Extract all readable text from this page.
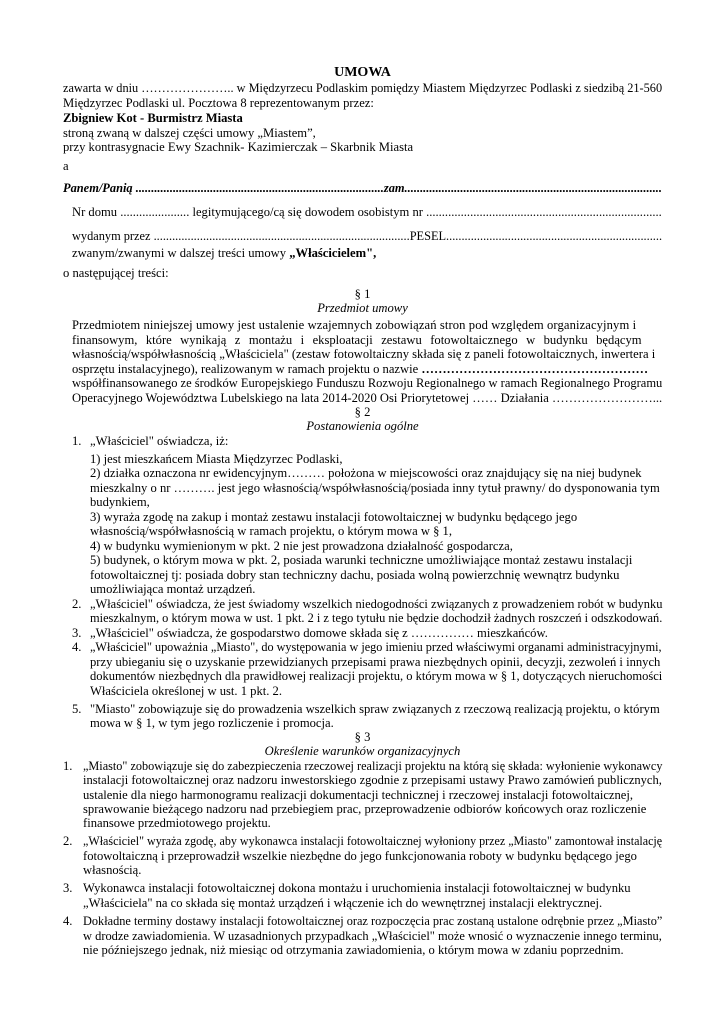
UMOWA
zawarta w dniu ………………….. w Międzyrzecu Podlaskim pomiędzy Miastem Międzyrzec Podlaski z siedzibą 21-560
Międzyrzec Podlaski ul. Pocztowa 8 reprezentowanym przez:
Zbigniew Kot - Burmistrz Miasta
stroną zwaną w dalszej części umowy „Miastem”,
przy kontrasygnacie Ewy Szachnik- Kazimierczak – Skarbnik Miasta
a
Panem/Panią ................................................................................zam...................................................................................
Nr domu ...................... legitymującego/cą się dowodem osobistym nr ...........................................................................
wydanym przez ...................................................................................PESEL......................................................................
zwanym/zwanymi w dalszej treści umowy „Właścicielem",
o następującej treści:
§ 1
Przedmiot umowy
Przedmiotem niniejszej umowy jest ustalenie wzajemnych zobowiązań stron pod względem organizacyjnym i
finansowym, które wynikają z montażu i eksploatacji zestawu fotowoltaicznego w budynku będącym
własnością/współwłasnością „Właściciela" (zestaw fotowoltaiczny składa się z paneli fotowoltaicznych, inwertera i
osprzętu instalacyjnego), realizowanym w ramach projektu o nazwie ………………………………………………
współfinansowanego ze środków Europejskiego Funduszu Rozwoju Regionalnego w ramach Regionalnego Programu
Operacyjnego Województwa Lubelskiego na lata 2014-2020 Osi Priorytetowej …… Działania ……………………...
§ 2
Postanowienia ogólne
1. „Właściciel" oświadcza, iż:
1) jest mieszkańcem Miasta Międzyrzec Podlaski,
2) działka oznaczona nr ewidencyjnym……… położona w miejscowości oraz znajdujący się na niej budynek
mieszkalny o nr ………. jest jego własnością/współwłasnością/posiada inny tytuł prawny/ do dysponowania tym
budynkiem,
3) wyraża zgodę na zakup i montaż zestawu instalacji fotowoltaicznej w budynku będącego jego
własnością/współwłasnością w ramach projektu, o którym mowa w § 1,
4) w budynku wymienionym w pkt. 2 nie jest prowadzona działalność gospodarcza,
5) budynek, o którym mowa w pkt. 2, posiada warunki techniczne umożliwiające montaż zestawu instalacji
fotowoltaicznej tj: posiada dobry stan techniczny dachu, posiada wolną powierzchnię wewnątrz budynku
umożliwiająca montaż urządzeń.
2. „Właściciel" oświadcza, że jest świadomy wszelkich niedogodności związanych z prowadzeniem robót w budynku
mieszkalnym, o którym mowa w ust. 1 pkt. 2 i z tego tytułu nie będzie dochodził żadnych roszczeń i odszkodowań.
3. „Właściciel" oświadcza, że gospodarstwo domowe składa się z …………… mieszkańców.
4. „Właściciel" upoważnia „Miasto", do występowania w jego imieniu przed właściwymi organami administracyjnymi,
przy ubieganiu się o uzyskanie przewidzianych przepisami prawa niezbędnych opinii, decyzji, zezwoleń i innych
dokumentów niezbędnych dla prawidłowej realizacji projektu, o którym mowa w § 1, dotyczących nieruchomości
Właściciela określonej w ust. 1 pkt. 2.
5. "Miasto" zobowiązuje się do prowadzenia wszelkich spraw związanych z rzeczową realizacją projektu, o którym
mowa w § 1, w tym jego rozliczenie i promocja.
§ 3
Określenie warunków organizacyjnych
1. „Miasto" zobowiązuje się do zabezpieczenia rzeczowej realizacji projektu na którą się składa: wyłonienie wykonawcy
instalacji fotowoltaicznej oraz nadzoru inwestorskiego zgodnie z przepisami ustawy Prawo zamówień publicznych,
ustalenie dla niego harmonogramu realizacji dokumentacji technicznej i rzeczowej instalacji fotowoltaicznej,
sprawowanie bieżącego nadzoru nad przebiegiem prac, przeprowadzenie odbiorów końcowych oraz rozliczenie
finansowe przedmiotowego projektu.
2. „Właściciel" wyraża zgodę, aby wykonawca instalacji fotowoltaicznej wyłoniony przez „Miasto" zamontował instalację
fotowoltaiczną i przeprowadził wszelkie niezbędne do jego funkcjonowania roboty w budynku będącego jego
własnością.
3. Wykonawca instalacji fotowoltaicznej dokona montażu i uruchomienia instalacji fotowoltaicznej w budynku
„Właściciela" na co składa się montaż urządzeń i włączenie ich do wewnętrznej instalacji elektrycznej.
4. Dokładne terminy dostawy instalacji fotowoltaicznej oraz rozpoczęcia prac zostaną ustalone odrębnie przez „Miasto”
w drodze zawiadomienia. W uzasadnionych przypadkach „Właściciel" może wnosić o wyznaczenie innego terminu,
nie późniejszego jednak, niż miesiąc od otrzymania zawiadomienia, o którym mowa w zdaniu poprzednim.
